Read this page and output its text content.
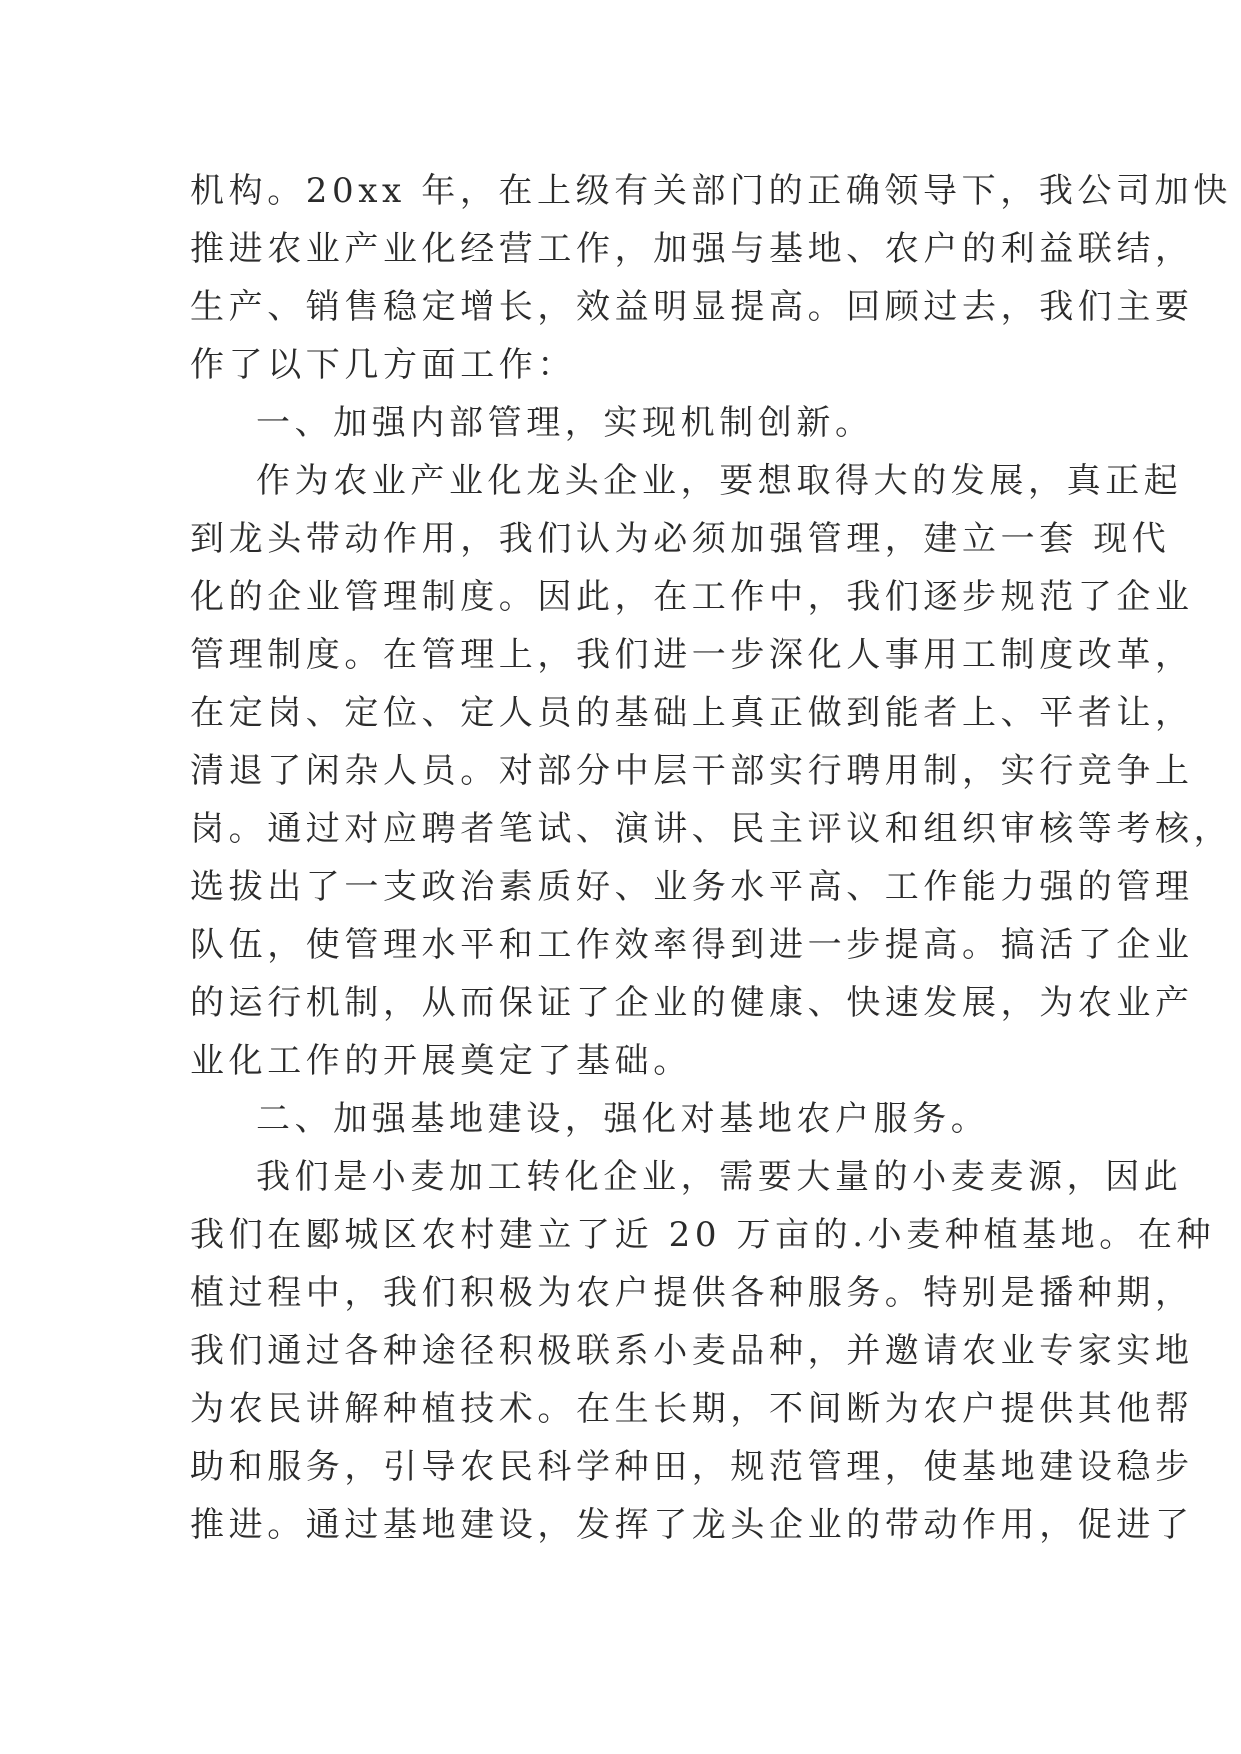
机构。20xx 年，在上级有关部门的正确领导下，我公司加快
推进农业产业化经营工作，加强与基地、农户的利益联结，
生产、销售稳定增长，效益明显提高。回顾过去，我们主要
作了以下几方面工作：
一、加强内部管理，实现机制创新。
作为农业产业化龙头企业，要想取得大的发展，真正起
到龙头带动作用，我们认为必须加强管理，建立一套 现代
化的企业管理制度。因此，在工作中，我们逐步规范了企业
管理制度。在管理上，我们进一步深化人事用工制度改革，
在定岗、定位、定人员的基础上真正做到能者上、平者让，
清退了闲杂人员。对部分中层干部实行聘用制，实行竞争上
岗。通过对应聘者笔试、演讲、民主评议和组织审核等考核，
选拔出了一支政治素质好、业务水平高、工作能力强的管理
队伍，使管理水平和工作效率得到进一步提高。搞活了企业
的运行机制，从而保证了企业的健康、快速发展，为农业产
业化工作的开展奠定了基础。
二、加强基地建设，强化对基地农户服务。
我们是小麦加工转化企业，需要大量的小麦麦源，因此
我们在郾城区农村建立了近 20 万亩的.小麦种植基地。在种
植过程中，我们积极为农户提供各种服务。特别是播种期，
我们通过各种途径积极联系小麦品种，并邀请农业专家实地
为农民讲解种植技术。在生长期，不间断为农户提供其他帮
助和服务，引导农民科学种田，规范管理，使基地建设稳步
推进。通过基地建设，发挥了龙头企业的带动作用，促进了
